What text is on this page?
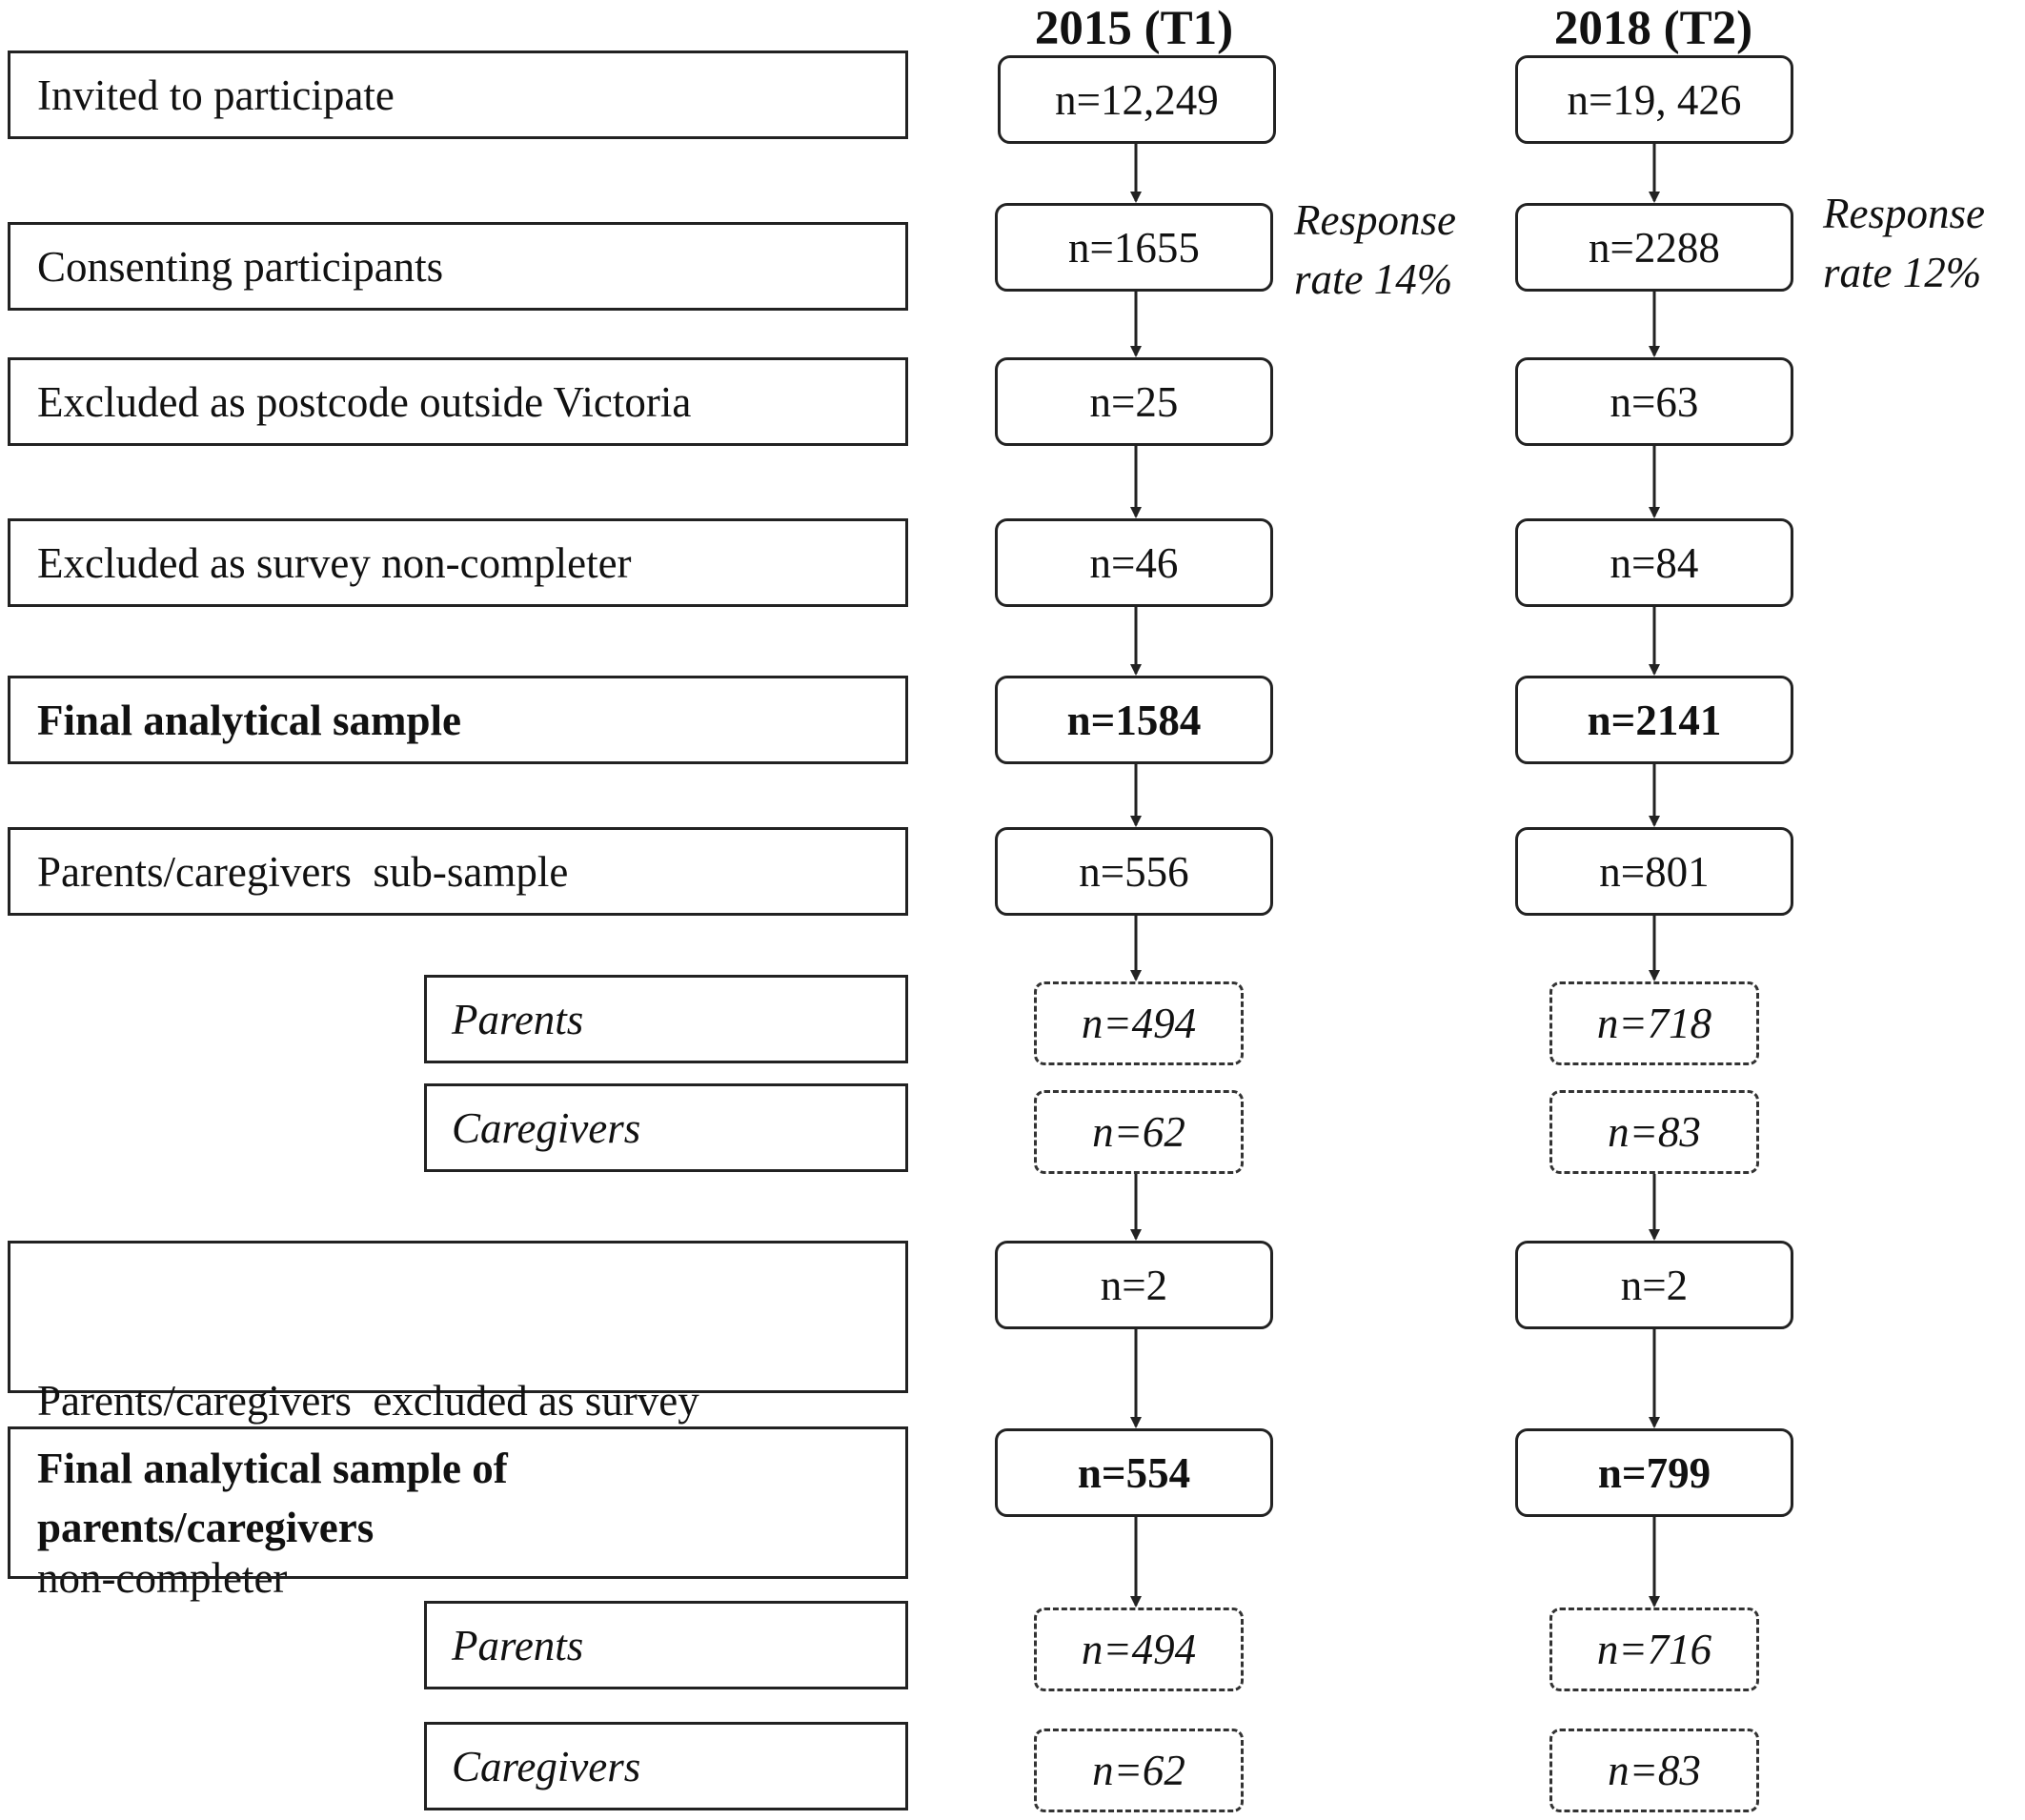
2015 (T1)	2018 (T2)
Invited to participate
Consenting participants
Excluded as postcode outside Victoria
Excluded as survey non-completer
Final analytical sample
Parents/caregivers  sub-sample
Parents
Caregivers

Parents/caregivers  excluded as survey

non-completer

Final analytical sample of
parents/caregivers
Parents
Caregivers
n=12,249
n=1655
n=25
n=46
n=1584
n=556
n=494
n=62
n=2
n=554
n=494
n=62
n=19, 426
n=2288
n=63
n=84
n=2141
n=801
n=718
n=83
n=2
n=799
n=716
n=83
Response
rate 14%
Response
rate 12%
